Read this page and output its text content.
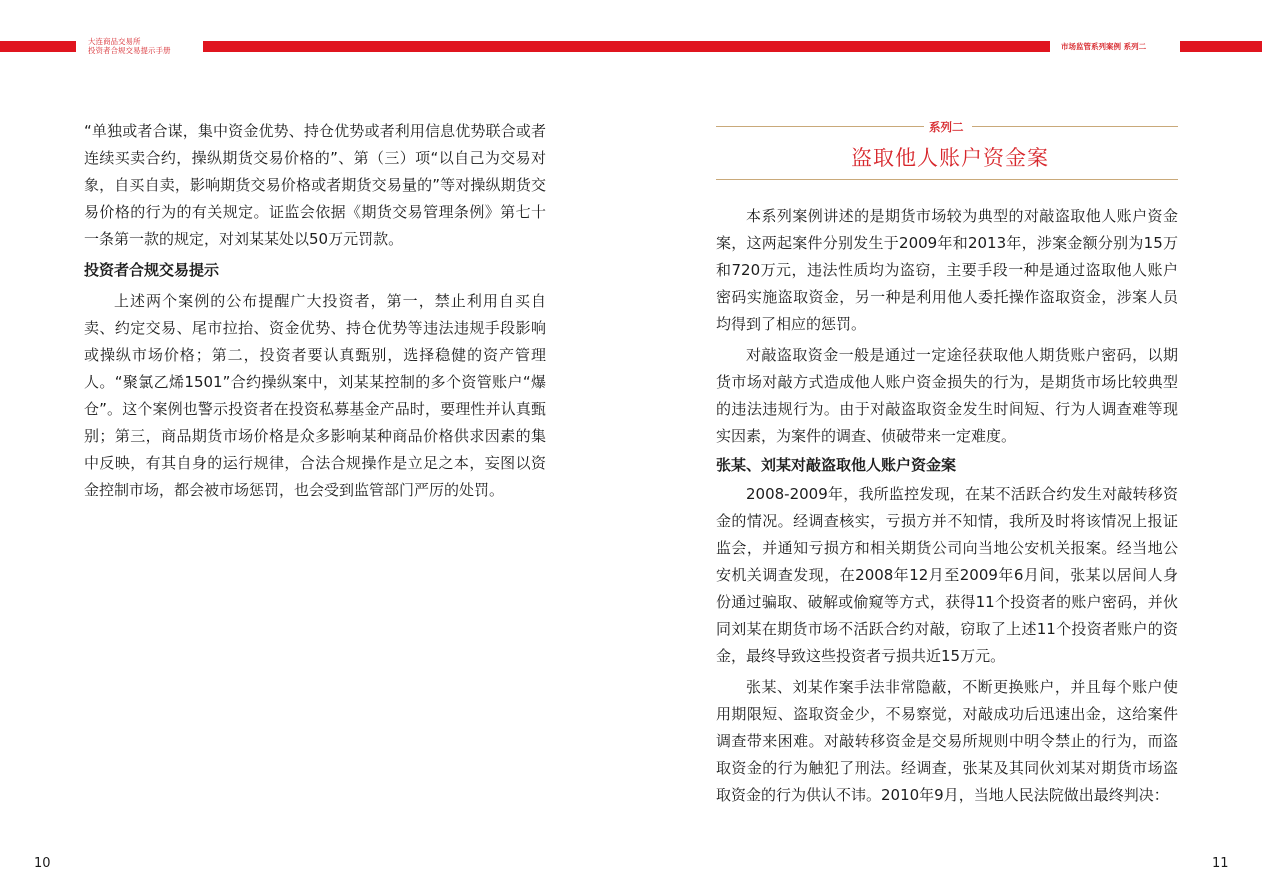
大连商品交易所
投资者合规交易提示手册	市场监管系列案例 系列二

“单独或者合谋，集中资金优势、持仓优势或者利用信息优势联合或者连续买卖合约，操纵期货交易价格的”、第（三）项“以自己为交易对象，自买自卖，影响期货交易价格或者期货交易量的”等对操纵期货交易价格的行为的有关规定。证监会依据《期货交易管理条例》第七十一条第一款的规定，对刘某某处以50万元罚款。

投资者合规交易提示

上述两个案例的公布提醒广大投资者，第一，禁止利用自买自卖、约定交易、尾市拉抬、资金优势、持仓优势等违法违规手段影响或操纵市场价格；第二，投资者要认真甄别，选择稳健的资产管理人。“聚氯乙烯1501”合约操纵案中，刘某某控制的多个资管账户“爆仓”。这个案例也警示投资者在投资私募基金产品时，要理性并认真甄别；第三，商品期货市场价格是众多影响某种商品价格供求因素的集中反映，有其自身的运行规律，合法合规操作是立足之本，妄图以资金控制市场，都会被市场惩罚，也会受到监管部门严厉的处罚。

10
系列二
盗取他人账户资金案

本系列案例讲述的是期货市场较为典型的对敲盗取他人账户资金案，这两起案件分别发生于2009年和2013年，涉案金额分别为15万和720万元，违法性质均为盗窃，主要手段一种是通过盗取他人账户密码实施盗取资金，另一种是利用他人委托操作盗取资金，涉案人员均得到了相应的惩罚。

对敲盗取资金一般是通过一定途径获取他人期货账户密码，以期货市场对敲方式造成他人账户资金损失的行为，是期货市场比较典型的违法违规行为。由于对敲盗取资金发生时间短、行为人调查难等现实因素，为案件的调查、侦破带来一定难度。

张某、刘某对敲盗取他人账户资金案

2008-2009年，我所监控发现，在某不活跃合约发生对敲转移资金的情况。经调查核实，亏损方并不知情，我所及时将该情况上报证监会，并通知亏损方和相关期货公司向当地公安机关报案。经当地公安机关调查发现，在2008年12月至2009年6月间，张某以居间人身份通过骗取、破解或偷窥等方式，获得11个投资者的账户密码，并伙同刘某在期货市场不活跃合约对敲，窃取了上述11个投资者账户的资金，最终导致这些投资者亏损共近15万元。

张某、刘某作案手法非常隐蔽，不断更换账户，并且每个账户使用期限短、盗取资金少，不易察觉，对敲成功后迅速出金，这给案件调查带来困难。对敲转移资金是交易所规则中明令禁止的行为，而盗取资金的行为触犯了刑法。经调查，张某及其同伙刘某对期货市场盗取资金的行为供认不讳。2010年9月，当地人民法院做出最终判决：

11
